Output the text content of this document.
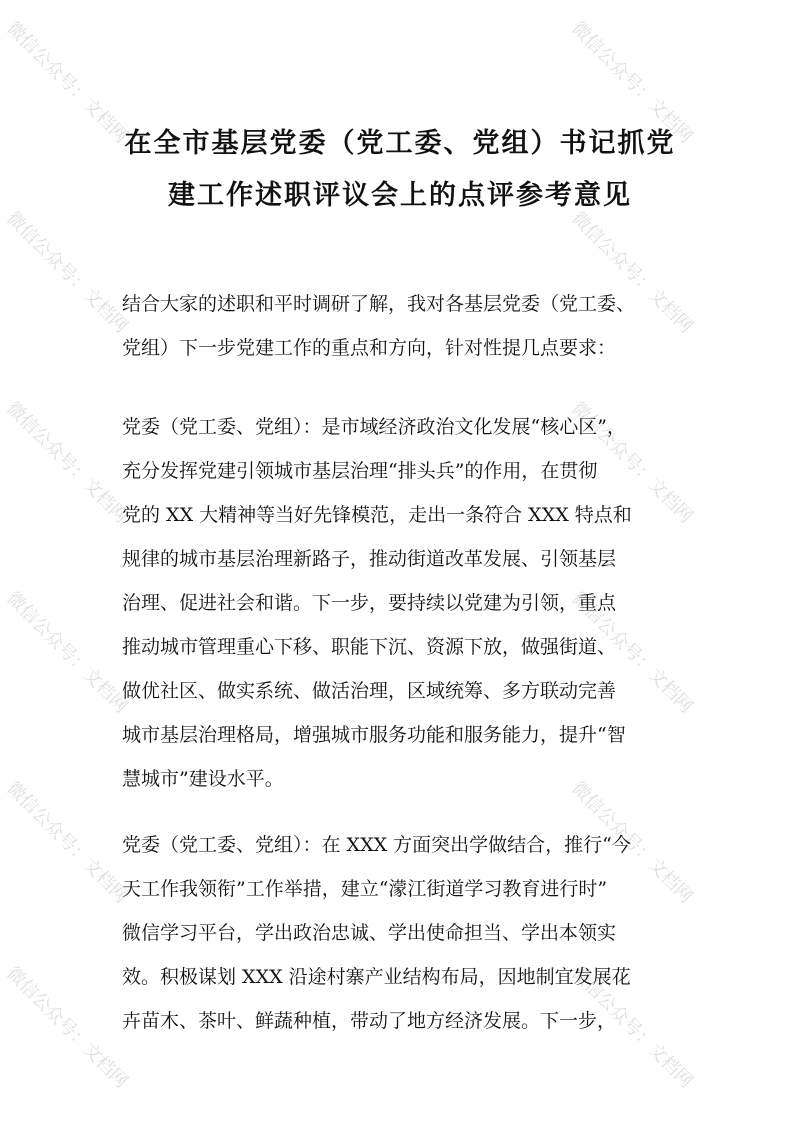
微信公众号：文档网	微信公众号：文档网
微信公众号：文档网	微信公众号：文档网
微信公众号：文档网	微信公众号：文档网
微信公众号：文档网	微信公众号：文档网
微信公众号：文档网	微信公众号：文档网
微信公众号：文档网	微信公众号：文档网
在全市基层党委（党工委、党组）书记抓党
建工作述职评议会上的点评参考意见
结合大家的述职和平时调研了解，我对各基层党委（党工委、
党组）下一步党建工作的重点和方向，针对性提几点要求：
党委（党工委、党组）：是市域经济政治文化发展“核心区”，
充分发挥党建引领城市基层治理“排头兵”的作用，在贯彻
党的 XX 大精神等当好先锋模范，走出一条符合 XXX 特点和
规律的城市基层治理新路子，推动街道改革发展、引领基层
治理、促进社会和谐。下一步，要持续以党建为引领，重点
推动城市管理重心下移、职能下沉、资源下放，做强街道、
做优社区、做实系统、做活治理，区域统筹、多方联动完善
城市基层治理格局，增强城市服务功能和服务能力，提升“智
慧城市”建设水平。
党委（党工委、党组）：在 XXX 方面突出学做结合，推行“今
天工作我领衔”工作举措，建立“濛江街道学习教育进行时”
微信学习平台，学出政治忠诚、学出使命担当、学出本领实
效。积极谋划 XXX 沿途村寨产业结构布局，因地制宜发展花
卉苗木、茶叶、鲜蔬种植，带动了地方经济发展。下一步，
